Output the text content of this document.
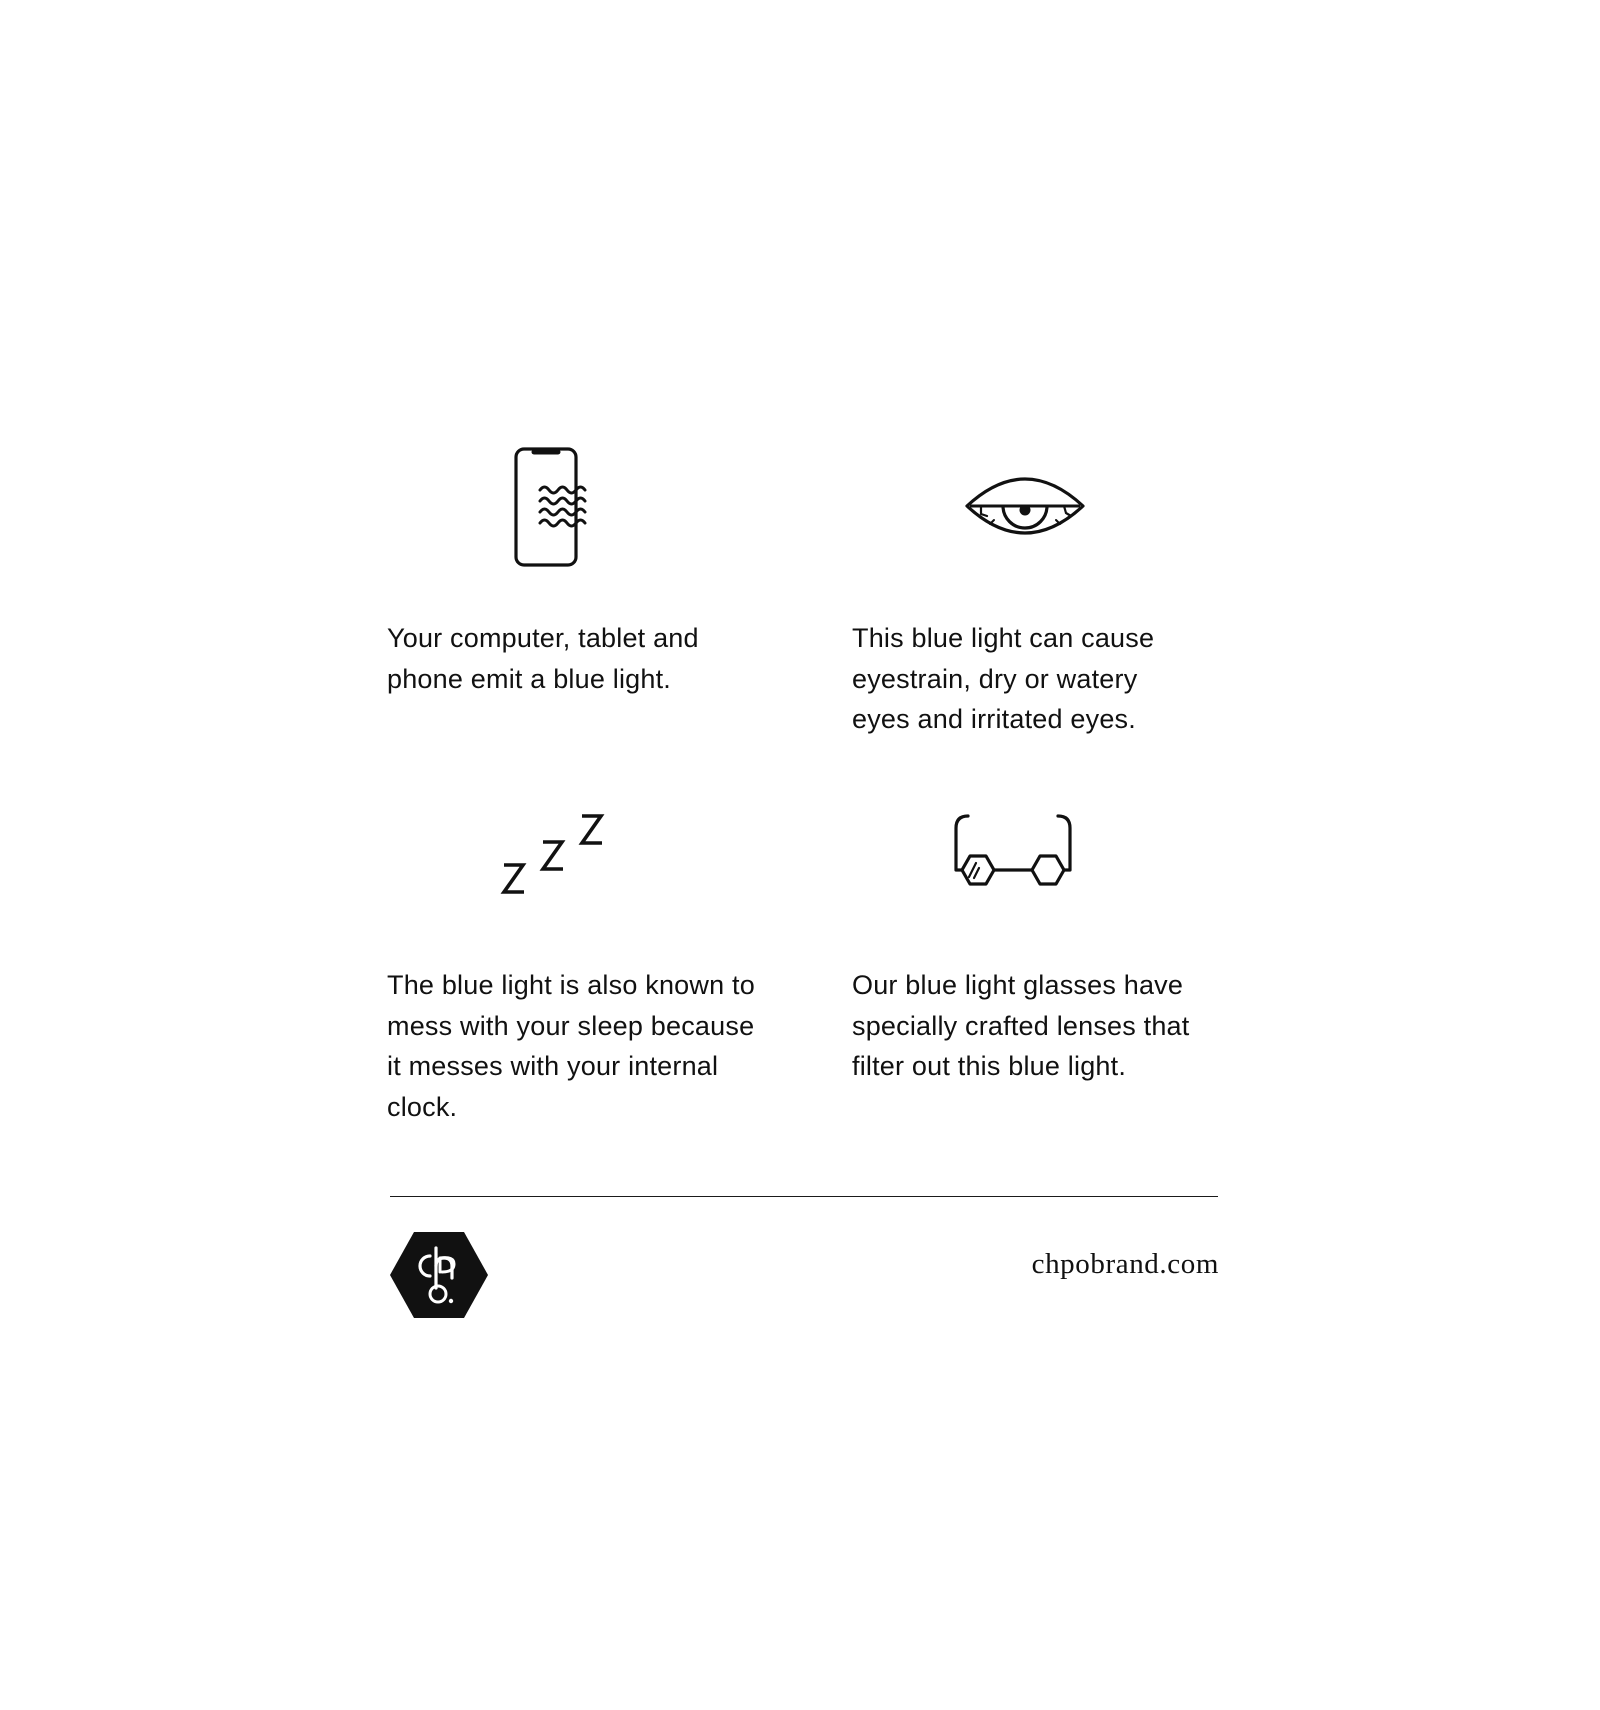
Your computer, tablet and
phone emit a blue light.

This blue light can cause
eyestrain, dry or watery
eyes and irritated eyes.

The blue light is also known to
mess with your sleep because
it messes with your internal
clock.

Our blue light glasses have
specially crafted lenses that
filter out this blue light.

chpobrand.com
